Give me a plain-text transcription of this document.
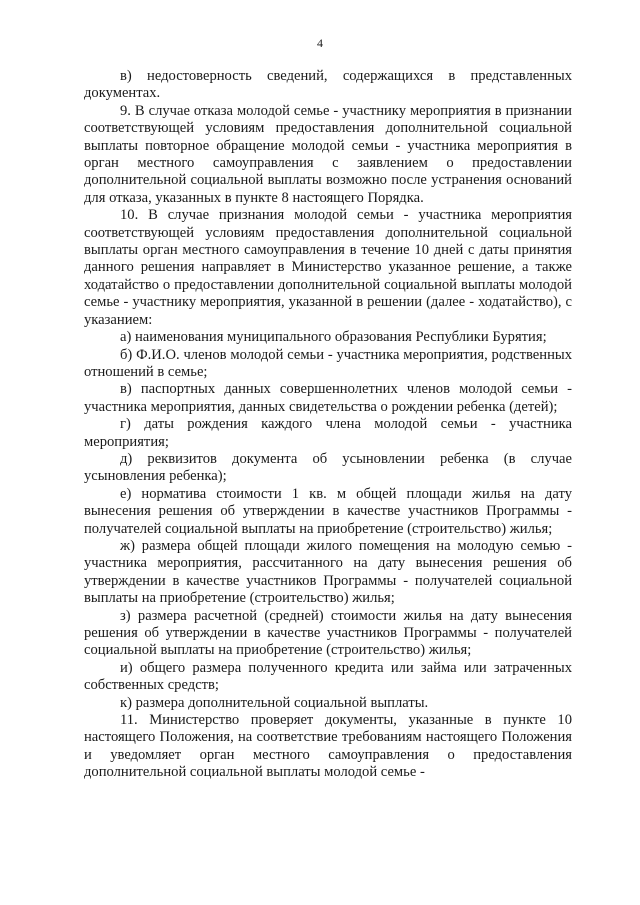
4

в) недостоверность сведений, содержащихся в представленных документах.

9. В случае отказа молодой семье - участнику мероприятия в признании соответствующей условиям предоставления дополнительной социальной выплаты повторное обращение молодой семьи - участника мероприятия в орган местного самоуправления с заявлением о предоставлении дополнительной социальной выплаты возможно после устранения оснований для отказа, указанных в пункте 8 настоящего Порядка.

10. В случае признания молодой семьи - участника мероприятия соответствующей условиям предоставления дополнительной социальной выплаты орган местного самоуправления в течение 10 дней с даты принятия данного решения направляет в Министерство указанное решение, а также ходатайство о предоставлении дополнительной социальной выплаты молодой семье - участнику мероприятия, указанной в решении (далее - ходатайство), с указанием:

а) наименования муниципального образования Республики Бурятия;

б) Ф.И.О. членов молодой семьи - участника мероприятия, родственных отношений в семье;

в) паспортных данных совершеннолетних членов молодой семьи - участника мероприятия, данных свидетельства о рождении ребенка (детей);

г) даты рождения каждого члена молодой семьи - участника мероприятия;

д) реквизитов документа об усыновлении ребенка (в случае усыновления ребенка);

е) норматива стоимости 1 кв. м общей площади жилья на дату вынесения решения об утверждении в качестве участников Программы - получателей социальной выплаты на приобретение (строительство) жилья;

ж) размера общей площади жилого помещения на молодую семью - участника мероприятия, рассчитанного на дату вынесения решения об утверждении в качестве участников Программы - получателей социальной выплаты на приобретение (строительство) жилья;

з) размера расчетной (средней) стоимости жилья на дату вынесения решения об утверждении в качестве участников Программы - получателей социальной выплаты на приобретение (строительство) жилья;

и) общего размера полученного кредита или займа или затраченных собственных средств;

к) размера дополнительной социальной выплаты.

11. Министерство проверяет документы, указанные в пункте 10 настоящего Положения, на соответствие требованиям настоящего Положения и уведомляет орган местного самоуправления о предоставления дополнительной социальной выплаты молодой семье -
